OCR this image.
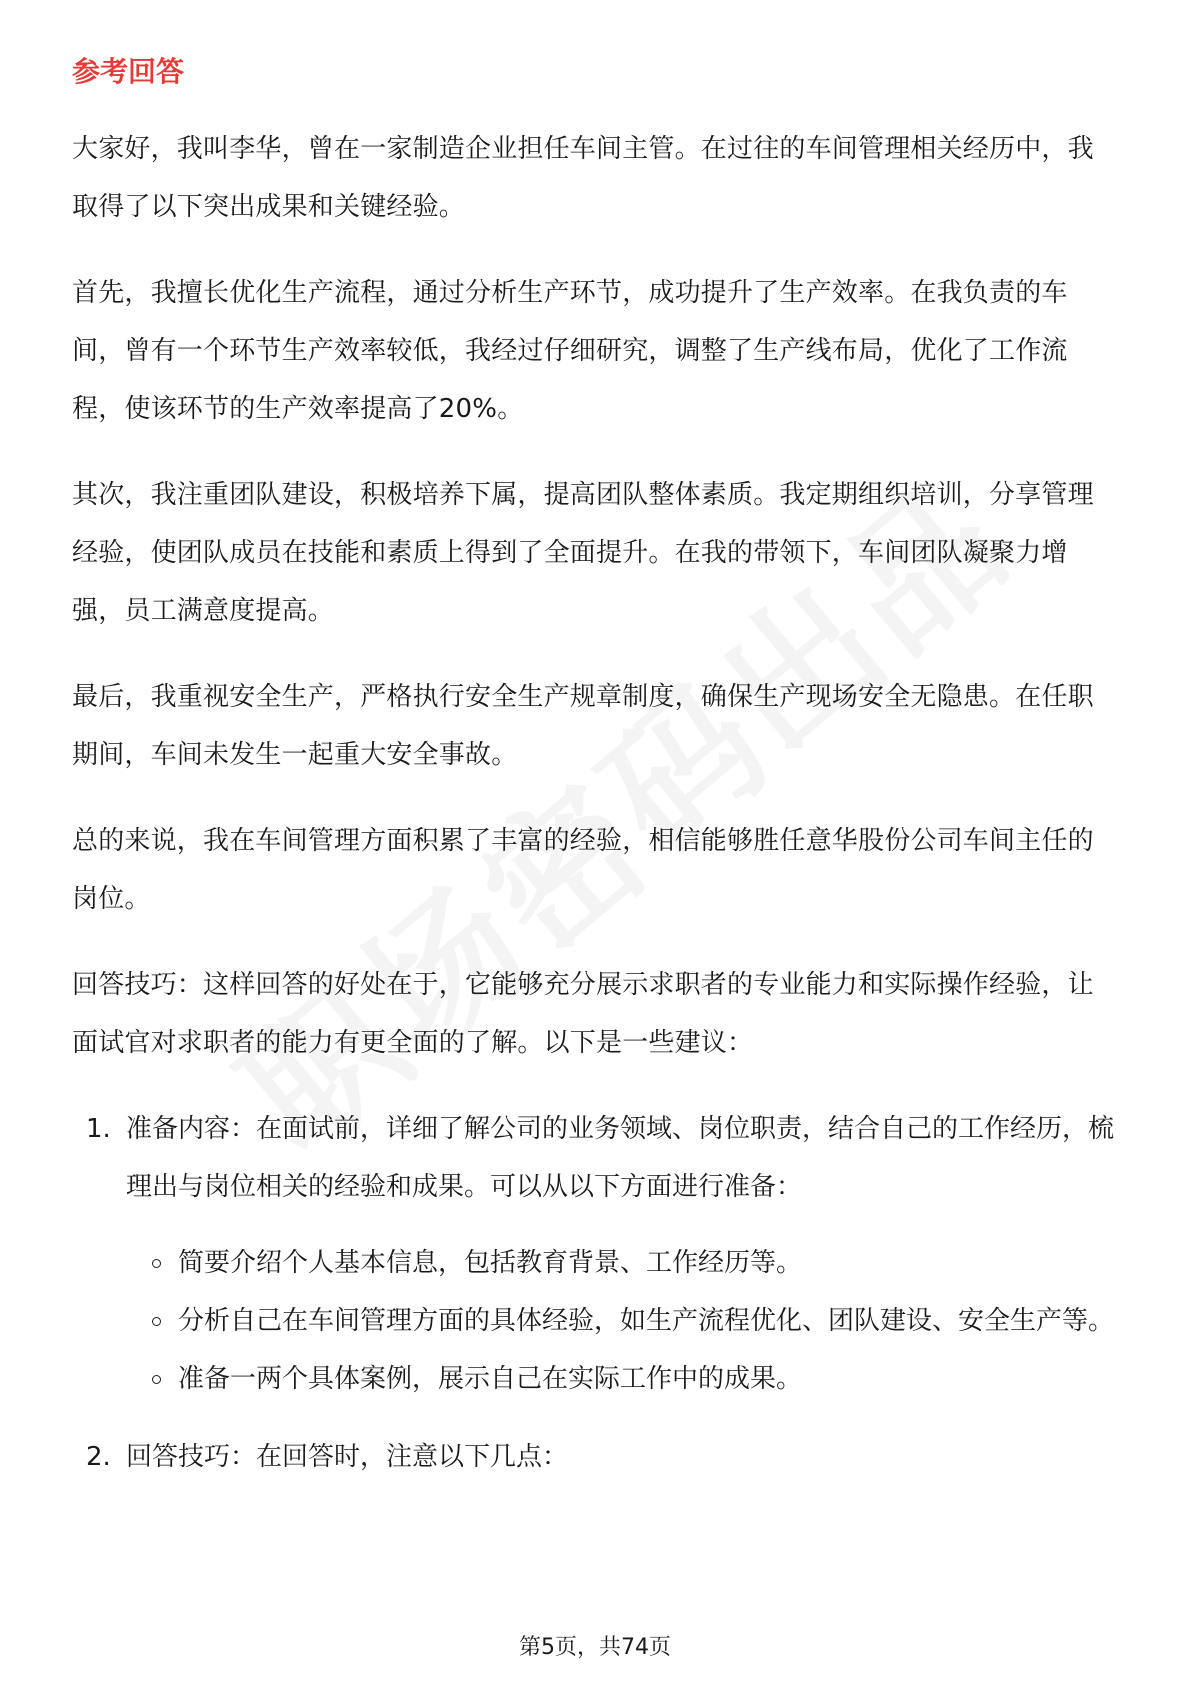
参考回答

大家好，我叫李华，曾在一家制造企业担任车间主管。在过往的车间管理相关经历中，我取得了以下突出成果和关键经验。

首先，我擅长优化生产流程，通过分析生产环节，成功提升了生产效率。在我负责的车间，曾有一个环节生产效率较低，我经过仔细研究，调整了生产线布局，优化了工作流程，使该环节的生产效率提高了20%。

其次，我注重团队建设，积极培养下属，提高团队整体素质。我定期组织培训，分享管理经验，使团队成员在技能和素质上得到了全面提升。在我的带领下，车间团队凝聚力增强，员工满意度提高。

最后，我重视安全生产，严格执行安全生产规章制度，确保生产现场安全无隐患。在任职期间，车间未发生一起重大安全事故。

总的来说，我在车间管理方面积累了丰富的经验，相信能够胜任意华股份公司车间主任的岗位。

回答技巧：这样回答的好处在于，它能够充分展示求职者的专业能力和实际操作经验，让面试官对求职者的能力有更全面的了解。以下是一些建议：

1. 准备内容：在面试前，详细了解公司的业务领域、岗位职责，结合自己的工作经历，梳理出与岗位相关的经验和成果。可以从以下方面进行准备：
简要介绍个人基本信息，包括教育背景、工作经历等。
分析自己在车间管理方面的具体经验，如生产流程优化、团队建设、安全生产等。
准备一两个具体案例，展示自己在实际工作中的成果。
2. 回答技巧：在回答时，注意以下几点：
第5页，共74页
